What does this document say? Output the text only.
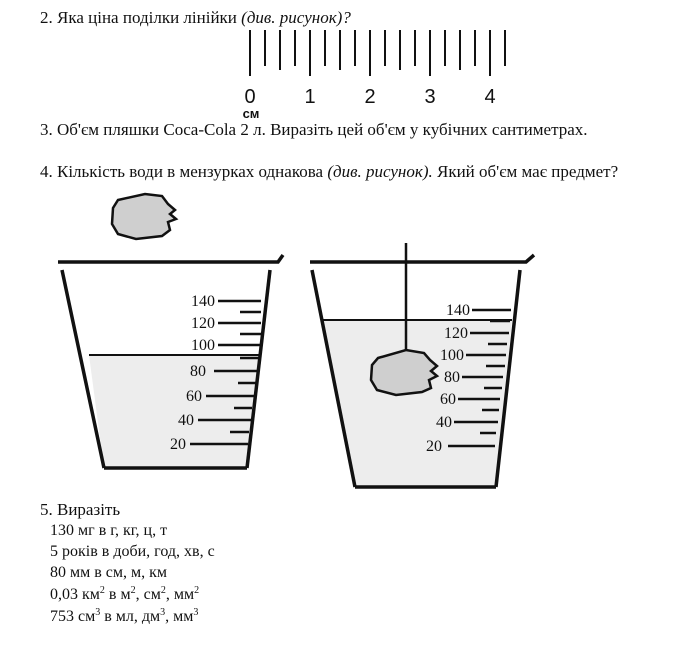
2. Яка ціна поділки лінійки (див. рисунок)?
0 1 2 3 4
см
140
120
100
80
60
40
20
140
120
100
80
60
40
20
3. Об'єм пляшки Coca-Cola 2 л. Виразіть цей об'єм у кубічних сантиметрах.
4. Кількість води в мензурках однакова (див. рисунок). Який об'єм має предмет?
5. Виразіть
130 мг в г, кг, ц, т
5 років в доби, год, хв, с
80 мм в см, м, км
0,03 $км^2$ в $м^2$, $см^2$, $мм^2$
753 $см^3$ в мл, $дм^3$, $мм^3$
